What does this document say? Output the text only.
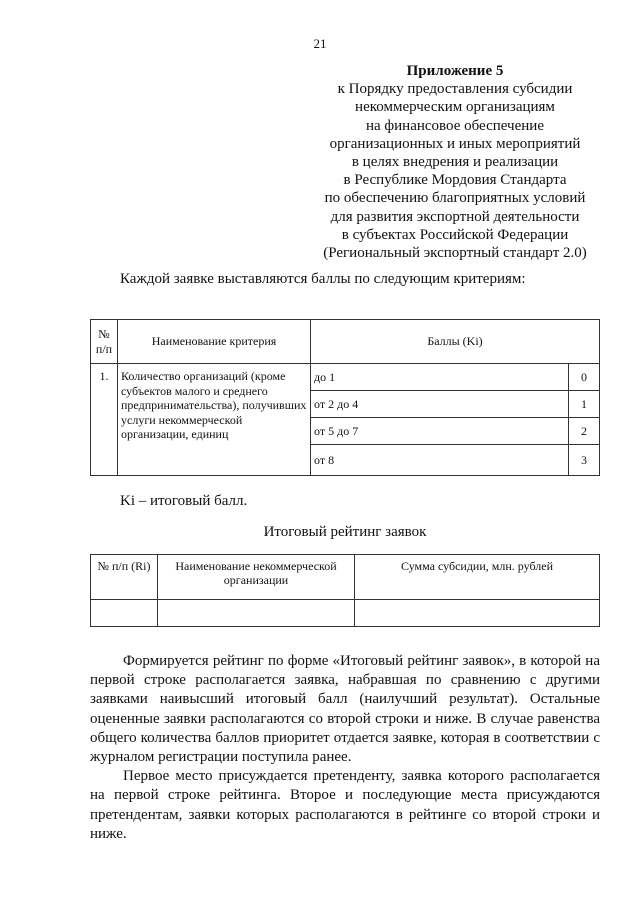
21
Приложение 5
к Порядку предоставления субсидии
некоммерческим организациям
на финансовое обеспечение
организационных и иных мероприятий
в целях внедрения и реализации
в Республике Мордовия Стандарта
по обеспечению благоприятных условий
для развития экспортной деятельности
в субъектах Российской Федерации
(Региональный экспортный стандарт 2.0)
Каждой заявке выставляются баллы по следующим критериям:
№ п/п	Наименование критерия	Баллы (Ki)	
1.	Количество организаций (кроме субъектов малого и среднего предпринимательства), получивших услуги некоммерческой организации, единиц	до 1	0
		от 2 до 4	1
		от 5 до 7	2
		от 8	3
Ki – итоговый балл.
Итоговый рейтинг заявок
№ п/п (Ri)	Наименование некоммерческой организации	Сумма субсидии, млн. рублей

Формируется рейтинг по форме «Итоговый рейтинг заявок», в которой на первой строке располагается заявка, набравшая по сравнению с другими заявками наивысший итоговый балл (наилучший результат). Остальные оцененные заявки располагаются со второй строки и ниже. В случае равенства общего количества баллов приоритет отдается заявке, которая в соответствии с журналом регистрации поступила ранее.

Первое место присуждается претенденту, заявка которого располагается на первой строке рейтинга. Второе и последующие места присуждаются претендентам, заявки которых располагаются в рейтинге со второй строки и ниже.
